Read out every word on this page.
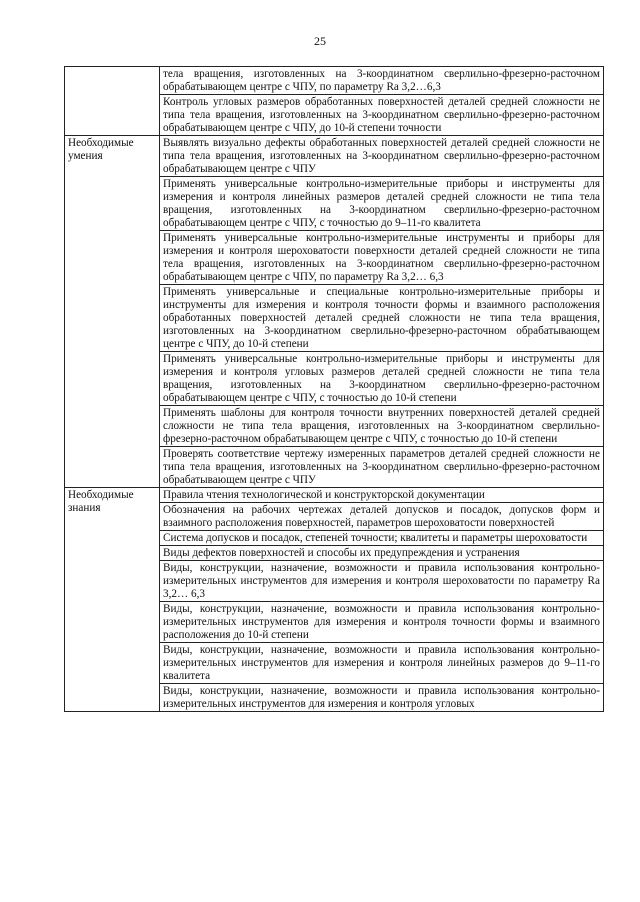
25

	тела вращения, изготовленных на 3-координатном сверлильно-фрезерно-расточном обрабатывающем центре с ЧПУ, по параметру Ra 3,2…6,3

	Контроль угловых размеров обработанных поверхностей деталей средней сложности не типа тела вращения, изготовленных на 3-координатном сверлильно-фрезерно-расточном обрабатывающем центре с ЧПУ, до 10-й степени точности

Необходимые умения	Выявлять визуально дефекты обработанных поверхностей деталей средней сложности не типа тела вращения, изготовленных на 3-координатном сверлильно-фрезерно-расточном обрабатывающем центре с ЧПУ

	Применять универсальные контрольно-измерительные приборы и инструменты для измерения и контроля линейных размеров деталей средней сложности не типа тела вращения, изготовленных на 3-координатном сверлильно-фрезерно-расточном обрабатывающем центре с ЧПУ, с точностью до 9–11-го квалитета

	Применять универсальные контрольно-измерительные инструменты и приборы для измерения и контроля шероховатости поверхности деталей средней сложности не типа тела вращения, изготовленных на 3-координатном сверлильно-фрезерно-расточном обрабатывающем центре с ЧПУ, по параметру Ra 3,2… 6,3

	Применять универсальные и специальные контрольно-измерительные приборы и инструменты для измерения и контроля точности формы и взаимного расположения обработанных поверхностей деталей средней сложности не типа тела вращения, изготовленных на 3-координатном сверлильно-фрезерно-расточном обрабатывающем центре с ЧПУ, до 10-й степени

	Применять универсальные контрольно-измерительные приборы и инструменты для измерения и контроля угловых размеров деталей средней сложности не типа тела вращения, изготовленных на 3-координатном сверлильно-фрезерно-расточном обрабатывающем центре с ЧПУ, с точностью до 10-й степени

	Применять шаблоны для контроля точности внутренних поверхностей деталей средней сложности не типа тела вращения, изготовленных на 3-координатном сверлильно-фрезерно-расточном обрабатывающем центре с ЧПУ, с точностью до 10-й степени

	Проверять соответствие чертежу измеренных параметров деталей средней сложности не типа тела вращения, изготовленных на 3-координатном сверлильно-фрезерно-расточном обрабатывающем центре с ЧПУ

Необходимые знания	Правила чтения технологической и конструкторской документации

	Обозначения на рабочих чертежах деталей допусков и посадок, допусков форм и взаимного расположения поверхностей, параметров шероховатости поверхностей

	Система допусков и посадок, степеней точности; квалитеты и параметры шероховатости

	Виды дефектов поверхностей и способы их предупреждения и устранения

	Виды, конструкции, назначение, возможности и правила использования контрольно-измерительных инструментов для измерения и контроля шероховатости по параметру Ra 3,2… 6,3

	Виды, конструкции, назначение, возможности и правила использования контрольно-измерительных инструментов для измерения и контроля точности формы и взаимного расположения до 10-й степени

	Виды, конструкции, назначение, возможности и правила использования контрольно-измерительных инструментов для измерения и контроля линейных размеров до 9–11-го квалитета

	Виды, конструкции, назначение, возможности и правила использования контрольно-измерительных инструментов для измерения и контроля угловых
